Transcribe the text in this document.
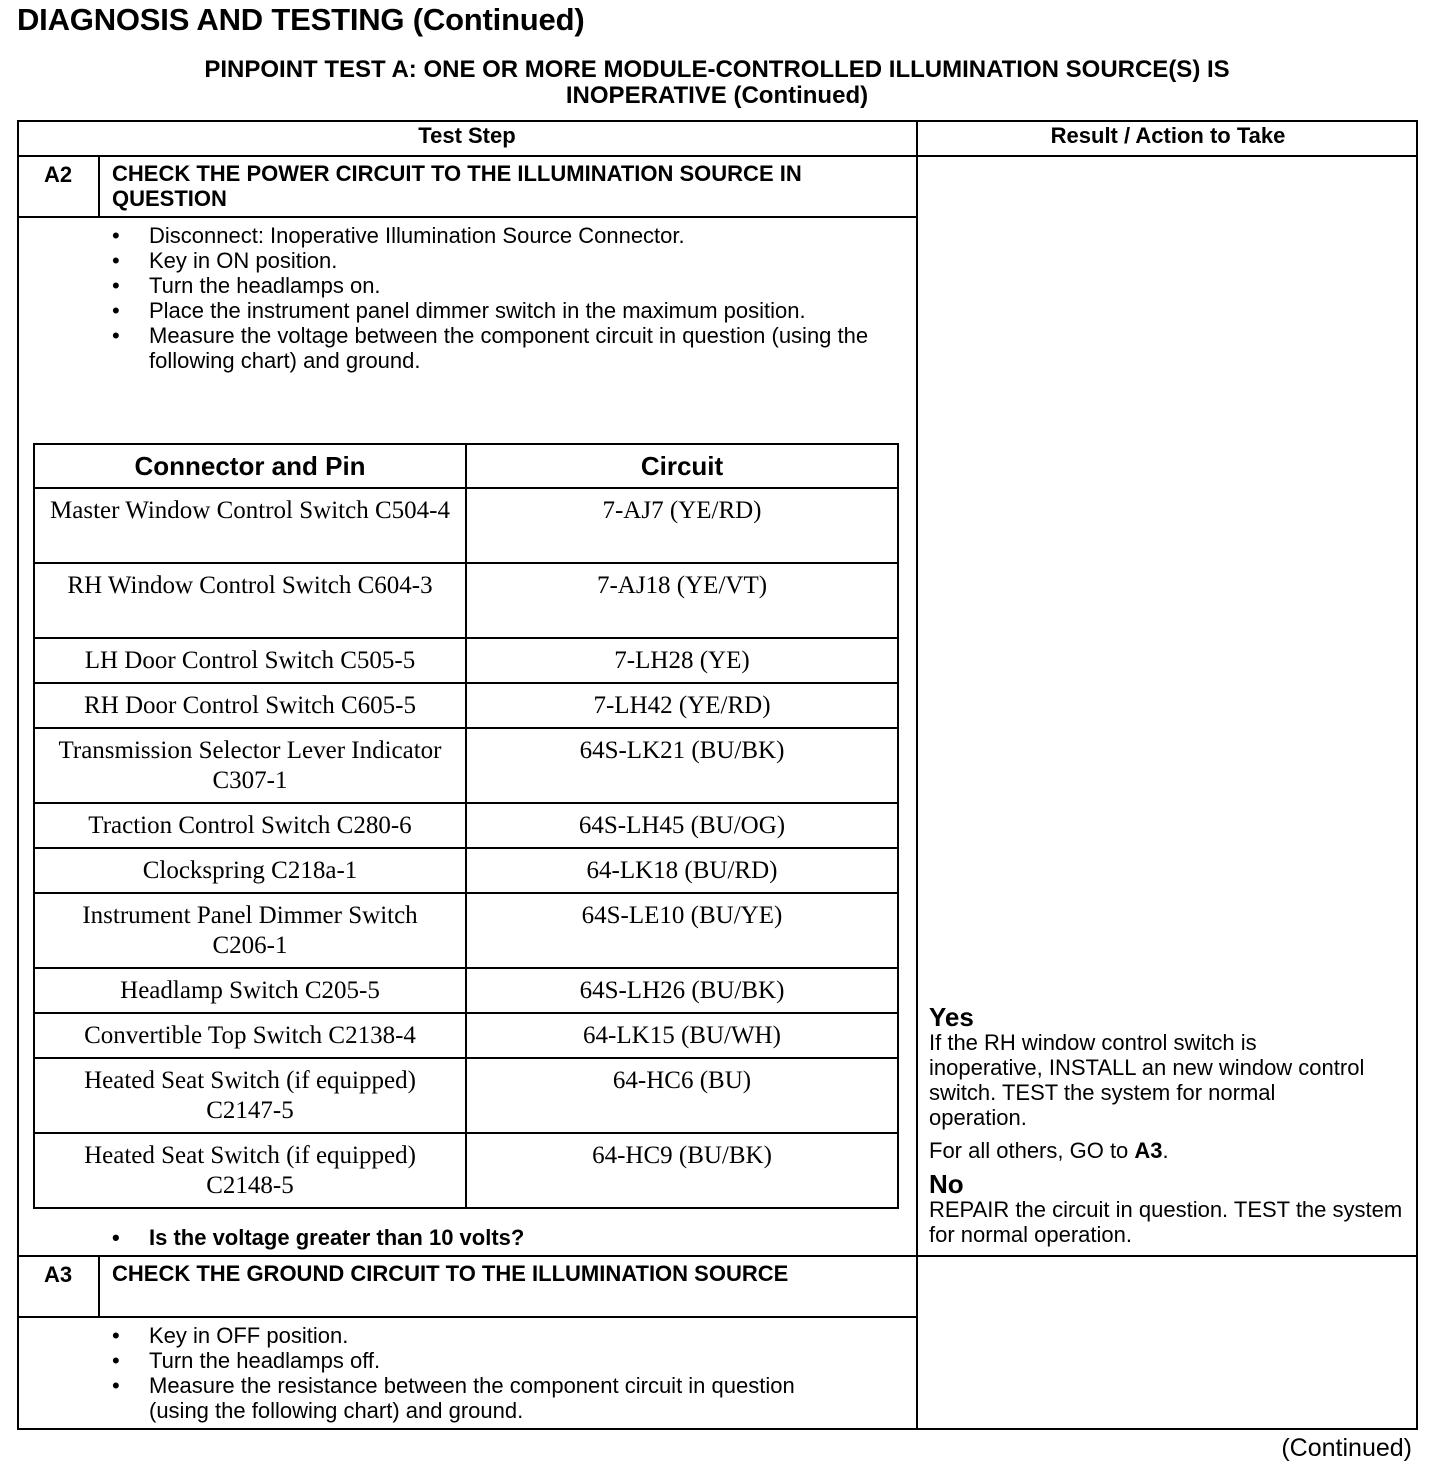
DIAGNOSIS AND TESTING (Continued)
PINPOINT TEST A: ONE OR MORE MODULE-CONTROLLED ILLUMINATION SOURCE(S) IS
INOPERATIVE (Continued)
Test Step	Result / Action to Take
A2	CHECK THE POWER CIRCUIT TO THE ILLUMINATION SOURCE IN QUESTION
• Disconnect: Inoperative Illumination Source Connector.
• Key in ON position.
• Turn the headlamps on.
• Place the instrument panel dimmer switch in the maximum position.
• Measure the voltage between the component circuit in question (using the following chart) and ground.
Connector and Pin	Circuit
Master Window Control Switch C504-4	7-AJ7 (YE/RD)
RH Window Control Switch C604-3	7-AJ18 (YE/VT)
LH Door Control Switch C505-5	7-LH28 (YE)
RH Door Control Switch C605-5	7-LH42 (YE/RD)
Transmission Selector Lever Indicator C307-1	64S-LK21 (BU/BK)
Traction Control Switch C280-6	64S-LH45 (BU/OG)
Clockspring C218a-1	64-LK18 (BU/RD)
Instrument Panel Dimmer Switch C206-1	64S-LE10 (BU/YE)
Headlamp Switch C205-5	64S-LH26 (BU/BK)
Convertible Top Switch C2138-4	64-LK15 (BU/WH)
Heated Seat Switch (if equipped) C2147-5	64-HC6 (BU)
Heated Seat Switch (if equipped) C2148-5	64-HC9 (BU/BK)
• Is the voltage greater than 10 volts?
Yes

If the RH window control switch is inoperative, INSTALL an new window control switch. TEST the system for normal operation.

For all others, GO to A3.

No

REPAIR the circuit in question. TEST the system for normal operation.

A3	CHECK THE GROUND CIRCUIT TO THE ILLUMINATION SOURCE
• Key in OFF position.
• Turn the headlamps off.
• Measure the resistance between the component circuit in question (using the following chart) and ground.
(Continued)
